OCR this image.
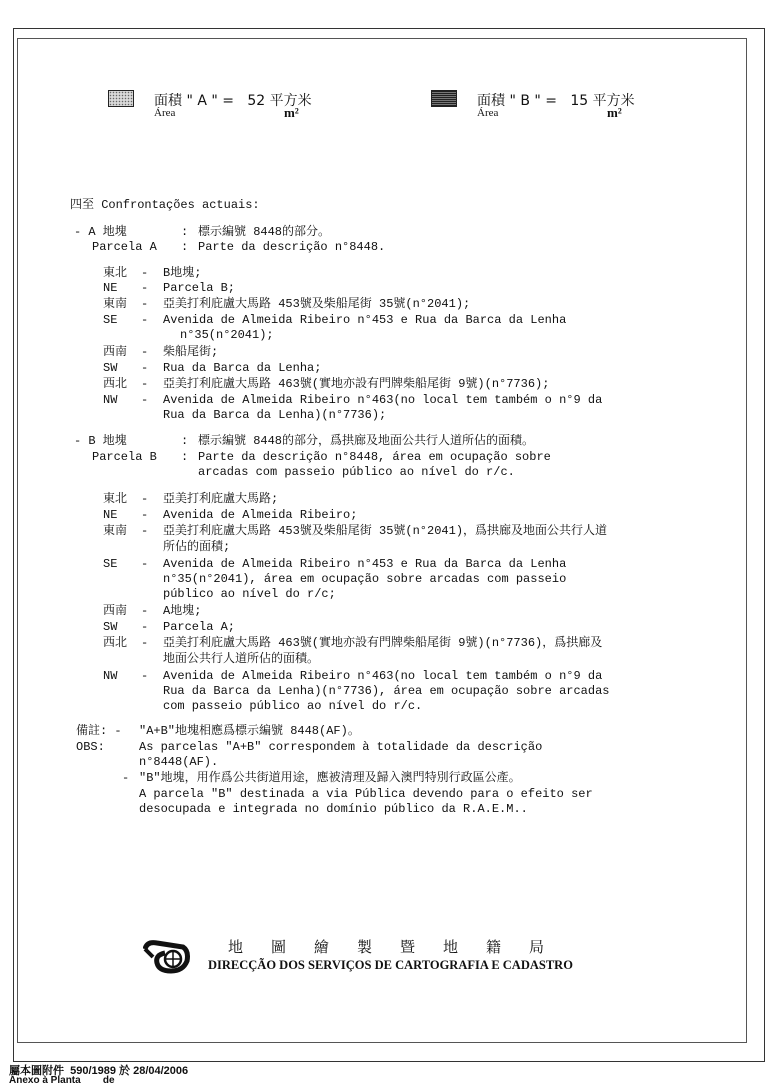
面積 " A " = 52 平方米
Área	m²
面積 " B " = 15 平方米
Área	m²
四至 Confrontações actuais:
- A 地塊	: 標示編號 8448的部分。
Parcela A : Parte da descrição n°8448.
東北 - B地塊;
NE - Parcela B;
東南 - 亞美打利庇盧大馬路 453號及柴船尾街 35號(n°2041);
SE - Avenida de Almeida Ribeiro n°453 e Rua da Barca da Lenha
n°35(n°2041);
西南 - 柴船尾街;
SW - Rua da Barca da Lenha;
西北 - 亞美打利庇盧大馬路 463號(實地亦設有門牌柴船尾街 9號)(n°7736);
NW - Avenida de Almeida Ribeiro n°463(no local tem também o n°9 da
Rua da Barca da Lenha)(n°7736);
- B 地塊	: 標示編號 8448的部分，爲拱廊及地面公共行人道所佔的面積。
Parcela B : Parte da descrição n°8448, área em ocupação sobre
arcadas com passeio público ao nível do r/c.
東北 - 亞美打利庇盧大馬路;
NE - Avenida de Almeida Ribeiro;
東南 - 亞美打利庇盧大馬路 453號及柴船尾街 35號(n°2041)，爲拱廊及地面公共行人道
所佔的面積;
SE - Avenida de Almeida Ribeiro n°453 e Rua da Barca da Lenha
n°35(n°2041), área em ocupação sobre arcadas com passeio
público ao nível do r/c;
西南 - A地塊;
SW - Parcela A;
西北 - 亞美打利庇盧大馬路 463號(實地亦設有門牌柴船尾街 9號)(n°7736)，爲拱廊及
地面公共行人道所佔的面積。
NW - Avenida de Almeida Ribeiro n°463(no local tem também o n°9 da
Rua da Barca da Lenha)(n°7736), área em ocupação sobre arcadas
com passeio público ao nível do r/c.
備註: - "A+B"地塊相應爲標示編號 8448(AF)。
OBS:	As parcelas "A+B" correspondem à totalidade da descrição
n°8448(AF).
- "B"地塊，用作爲公共街道用途，應被清理及歸入澳門特別行政區公產。
A parcela "B" destinada a via Pública devendo para o efeito ser
desocupada e integrada no domínio público da R.A.E.M..
地圖繪製暨地籍局
DIRECÇÃO DOS SERVIÇOS DE CARTOGRAFIA E CADASTRO
屬本圖附件  590/1989 於 28/04/2006
Anexo à Planta        de
